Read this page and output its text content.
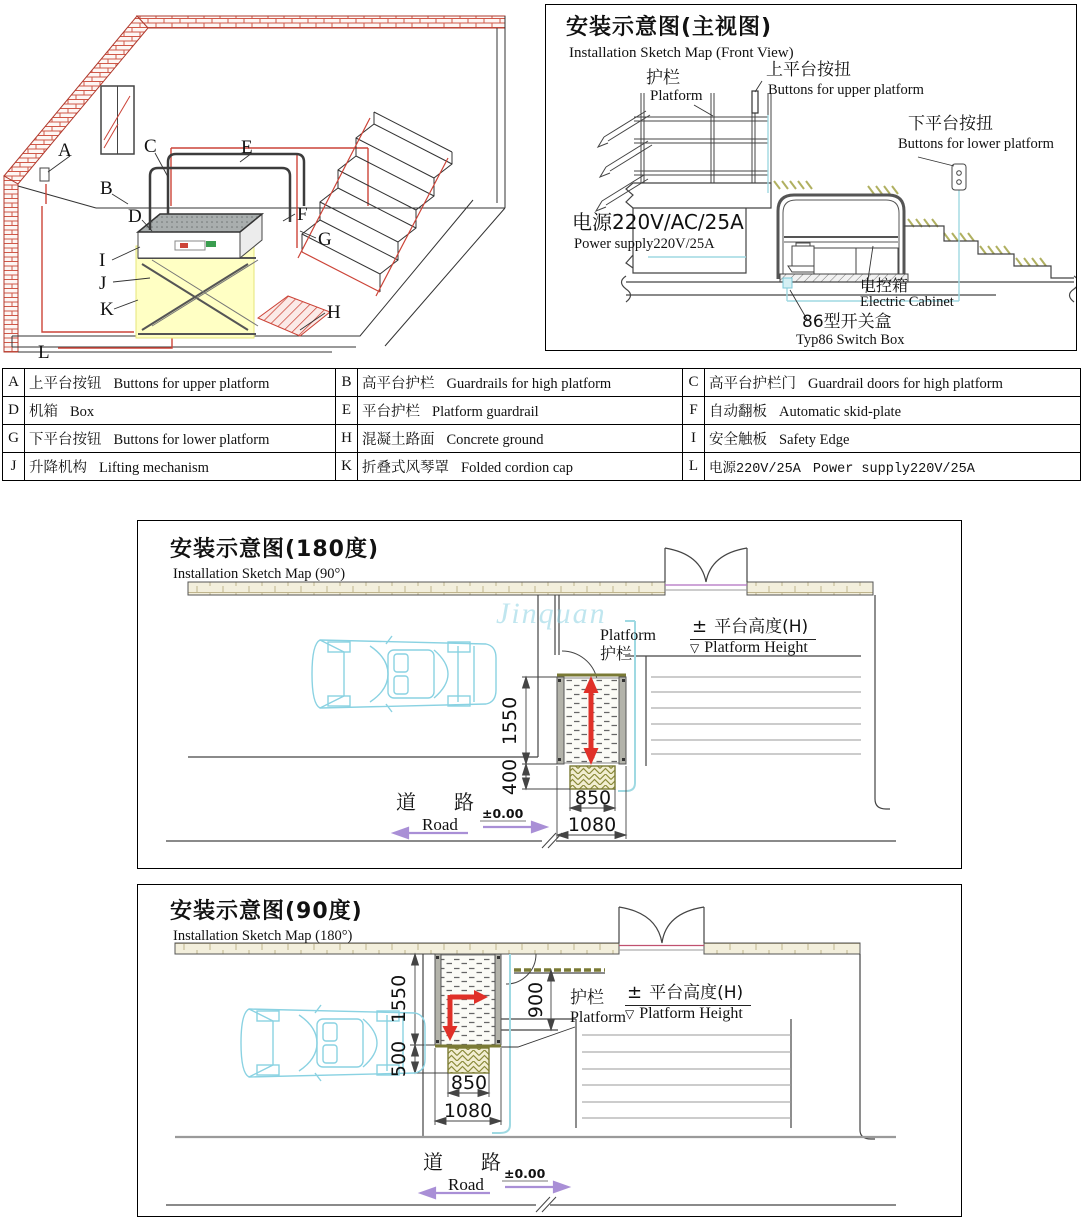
A
B
C
D
E
F
G
H
I
J
K
L
安装示意图(主视图)
Installation Sketch Map (Front View)
护栏
Platform
上平台按扭
Buttons for upper platform
下平台按扭
Buttons for lower platform
电源220V/AC/25A
Power supply220V/25A
电控箱
Electric Cabinet
86型开关盒
Typ86 Switch Box
A	上平台按钮 Buttons for upper platform	B	高平台护栏 Guardrails for high platform	C	高平台护栏门 Guardrail doors for high platform
D	机箱 Box	E	平台护栏 Platform guardrail	F	自动翻板 Automatic skid-plate
G	下平台按钮 Buttons for lower platform	H	混凝土路面 Concrete ground	I	安全触板 Safety Edge
J	升降机构 Lifting mechanism	K	折叠式风琴罩 Folded cordion cap	L	电源220V/25A Power supply220V/25A
安装示意图(180度)
Installation Sketch Map (90°)
Jinquan
Platform
护栏
± 平台高度(H)
▽ Platform Height
1550
400
850
1080
道 路
Road
±0.00
安装示意图(90度)
Installation Sketch Map (180°)
护栏
Platform
± 平台高度(H)
▽ Platform Height
1550
500
900
850
1080
道 路
Road
±0.00
